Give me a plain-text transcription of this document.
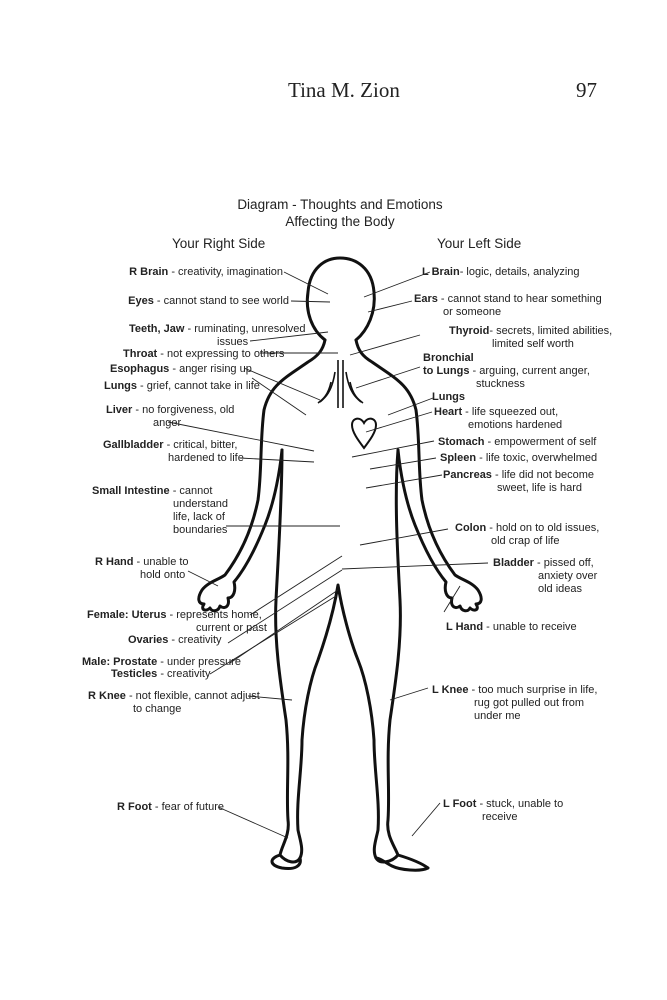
Tina M. Zion	97
Diagram - Thoughts and Emotions
Affecting the Body
Your Right Side	Your Left Side
R Brain - creativity, imagination
Eyes - cannot stand to see world
Teeth, Jaw - ruminating, unresolved
issues
Throat - not expressing to others
Esophagus - anger rising up
Lungs - grief, cannot take in life
Liver - no forgiveness, old
anger
Gallbladder - critical, bitter,
hardened to life
Small Intestine - cannot
understand
life, lack of
boundaries
R Hand - unable to
hold onto
Female: Uterus - represents home,
current or past
Ovaries - creativity
Male: Prostate - under pressure
Testicles - creativity
R Knee - not flexible, cannot adjust
to change
R Foot - fear of future
L Brain- logic, details, analyzing
Ears - cannot stand to hear something
or someone
Thyroid- secrets, limited abilities,
limited self worth
Bronchial
to Lungs - arguing, current anger,
stuckness
Lungs
Heart - life squeezed out,
emotions hardened
Stomach - empowerment of self
Spleen - life toxic, overwhelmed
Pancreas - life did not become
sweet, life is hard
Colon - hold on to old issues,
old crap of life
Bladder - pissed off,
anxiety over
old ideas
L Hand - unable to receive
L Knee - too much surprise in life,
rug got pulled out from
under me
L Foot - stuck, unable to
receive
